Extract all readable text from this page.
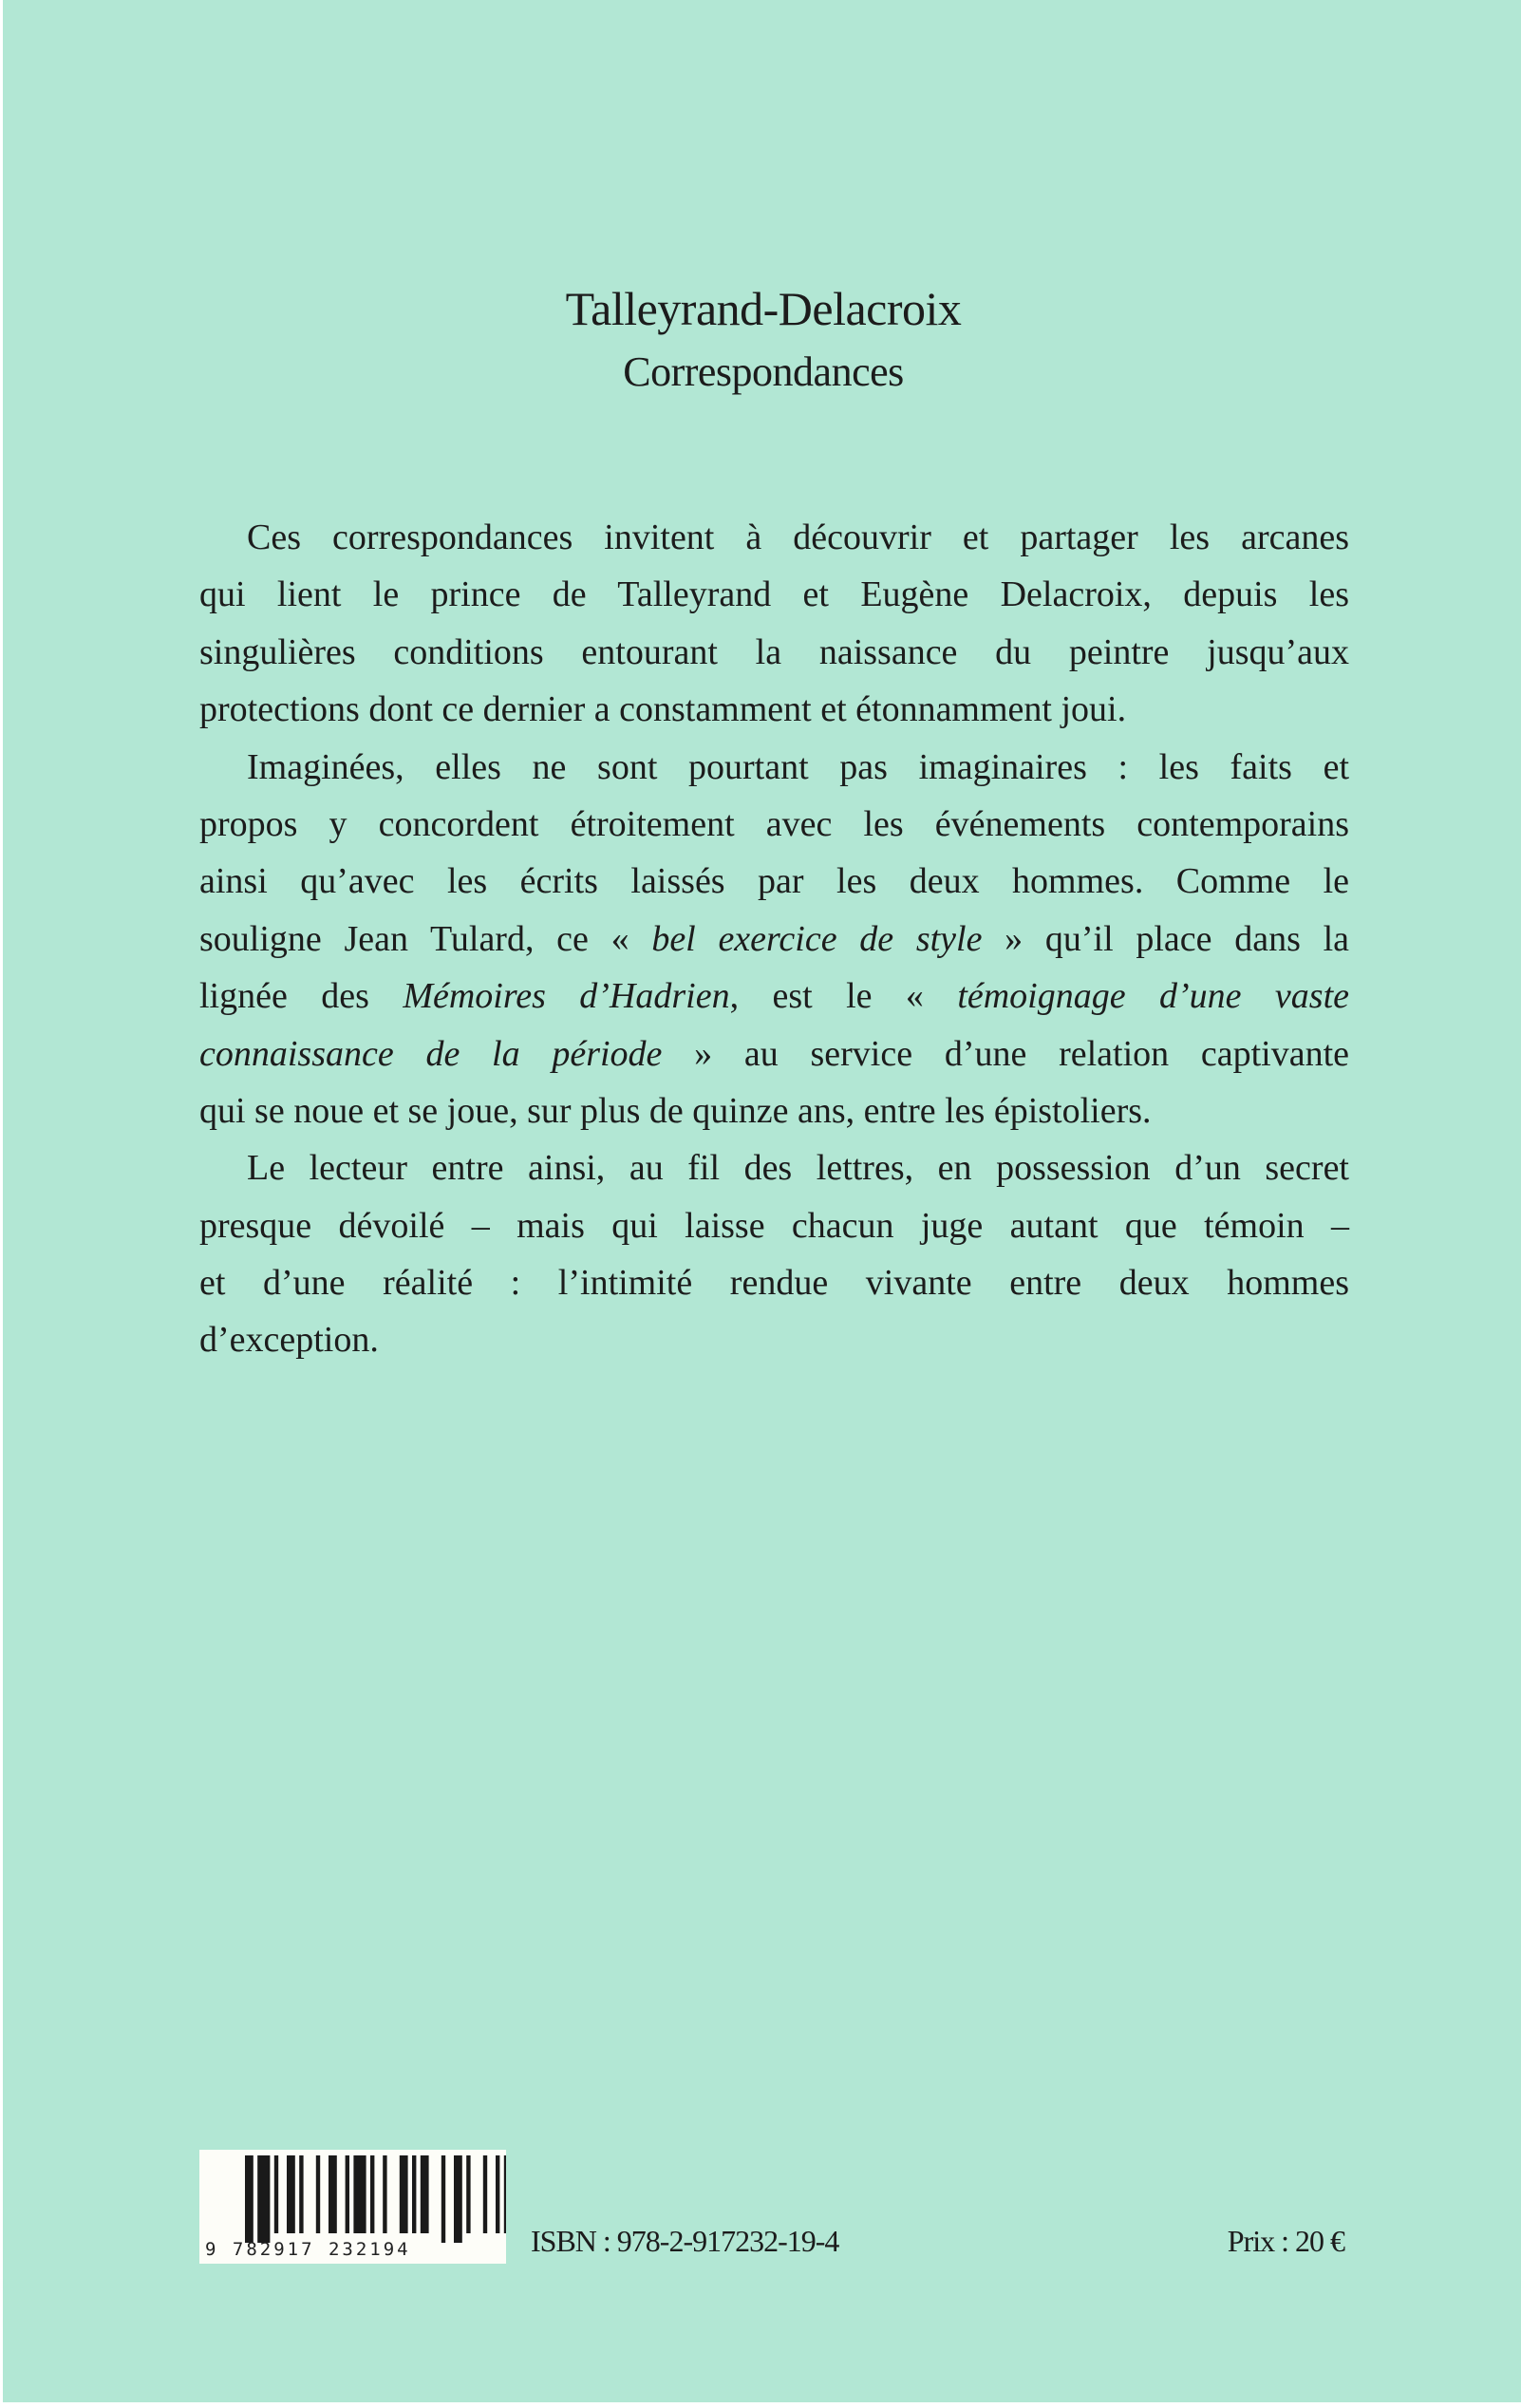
Talleyrand-Delacroix
Correspondances
Ces correspondances invitent à découvrir et partager les arcanes
qui lient le prince de Talleyrand et Eugène Delacroix, depuis les
singulières conditions entourant la naissance du peintre jusqu’aux
protections dont ce dernier a constamment et étonnamment joui.
Imaginées, elles ne sont pourtant pas imaginaires : les faits et
propos y concordent étroitement avec les événements contemporains
ainsi qu’avec les écrits laissés par les deux hommes. Comme le
souligne Jean Tulard, ce « bel exercice de style » qu’il place dans la
lignée des Mémoires d’Hadrien, est le « témoignage d’une vaste
connaissance de la période » au service d’une relation captivante
qui se noue et se joue, sur plus de quinze ans, entre les épistoliers.
Le lecteur entre ainsi, au fil des lettres, en possession d’un secret
presque dévoilé – mais qui laisse chacun juge autant que témoin –
et d’une réalité : l’intimité rendue vivante entre deux hommes
d’exception.
9 782917 232194	ISBN : 978-2-917232-19-4	Prix : 20 €
